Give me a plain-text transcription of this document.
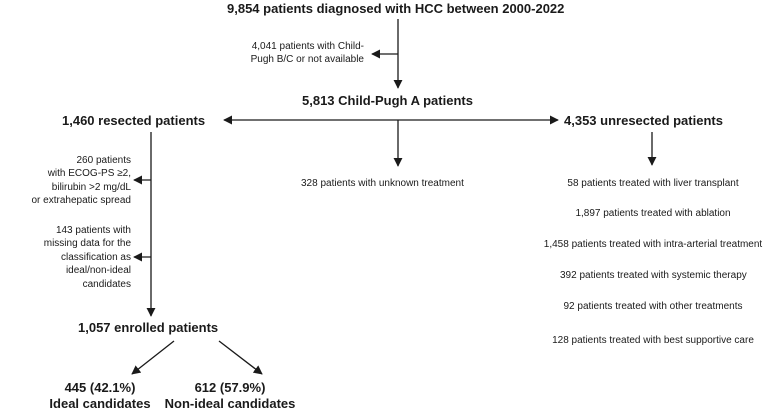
9,854 patients diagnosed with HCC between 2000-2022
4,041 patients with Child-
Pugh B/C or not available
5,813 Child-Pugh A patients
1,460 resected patients	4,353 unresected patients
328 patients with unknown treatment
260 patients
with ECOG-PS ≥2,
bilirubin >2 mg/dL
or extrahepatic spread
143 patients with
missing data for the
classification as
ideal/non-ideal
candidates
1,057 enrolled patients
445 (42.1%)
Ideal candidates
612 (57.9%)
Non-ideal candidates
58 patients treated with liver transplant
1,897 patients treated with ablation
1,458 patients treated with intra-arterial treatment
392 patients treated with systemic therapy
92 patients treated with other treatments
128 patients treated with best supportive care
